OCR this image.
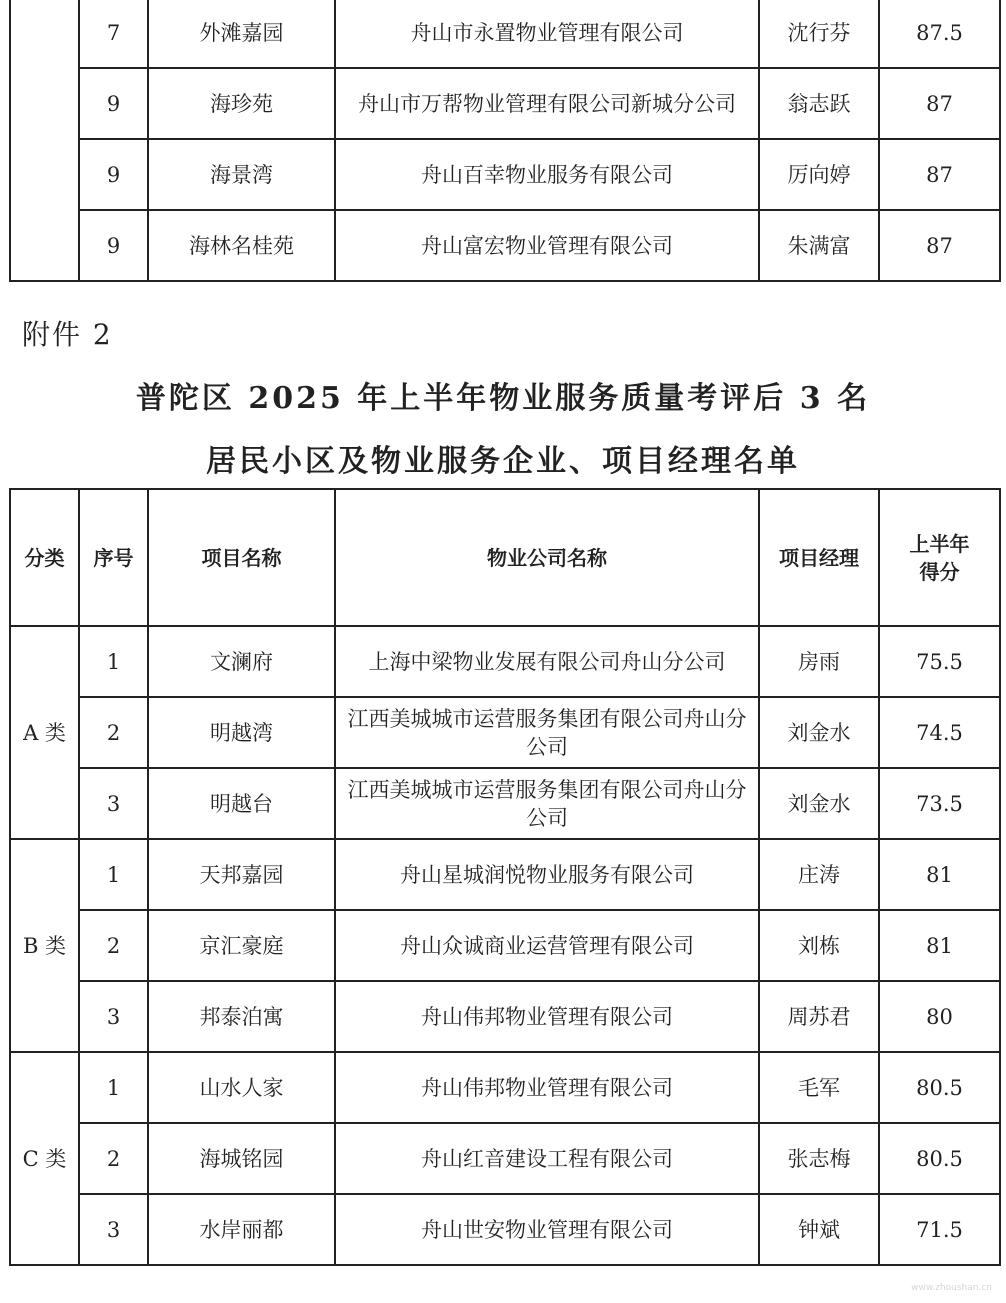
	7	外滩嘉园	舟山市永置物业管理有限公司	沈行芬	87.5
	9	海珍苑	舟山市万帮物业管理有限公司新城分公司	翁志跃	87
	9	海景湾	舟山百幸物业服务有限公司	厉向婷	87
	9	海林名桂苑	舟山富宏物业管理有限公司	朱满富	87
附件 2
普陀区 2025 年上半年物业服务质量考评后 3 名
居民小区及物业服务企业、项目经理名单
分类	序号	项目名称	物业公司名称	项目经理	上半年
得分

A 类	1	文澜府	上海中梁物业发展有限公司舟山分公司	房雨	75.5
	2	明越湾	江西美城城市运营服务集团有限公司舟山分公司	刘金水	74.5
	3	明越台	江西美城城市运营服务集团有限公司舟山分公司	刘金水	73.5
B 类	1	天邦嘉园	舟山星城润悦物业服务有限公司	庄涛	81
	2	京汇豪庭	舟山众诚商业运营管理有限公司	刘栋	81
	3	邦泰泊寓	舟山伟邦物业管理有限公司	周苏君	80
C 类	1	山水人家	舟山伟邦物业管理有限公司	毛军	80.5
	2	海城铭园	舟山红音建设工程有限公司	张志梅	80.5
	3	水岸丽都	舟山世安物业管理有限公司	钟斌	71.5
www.zhoushan.cn
